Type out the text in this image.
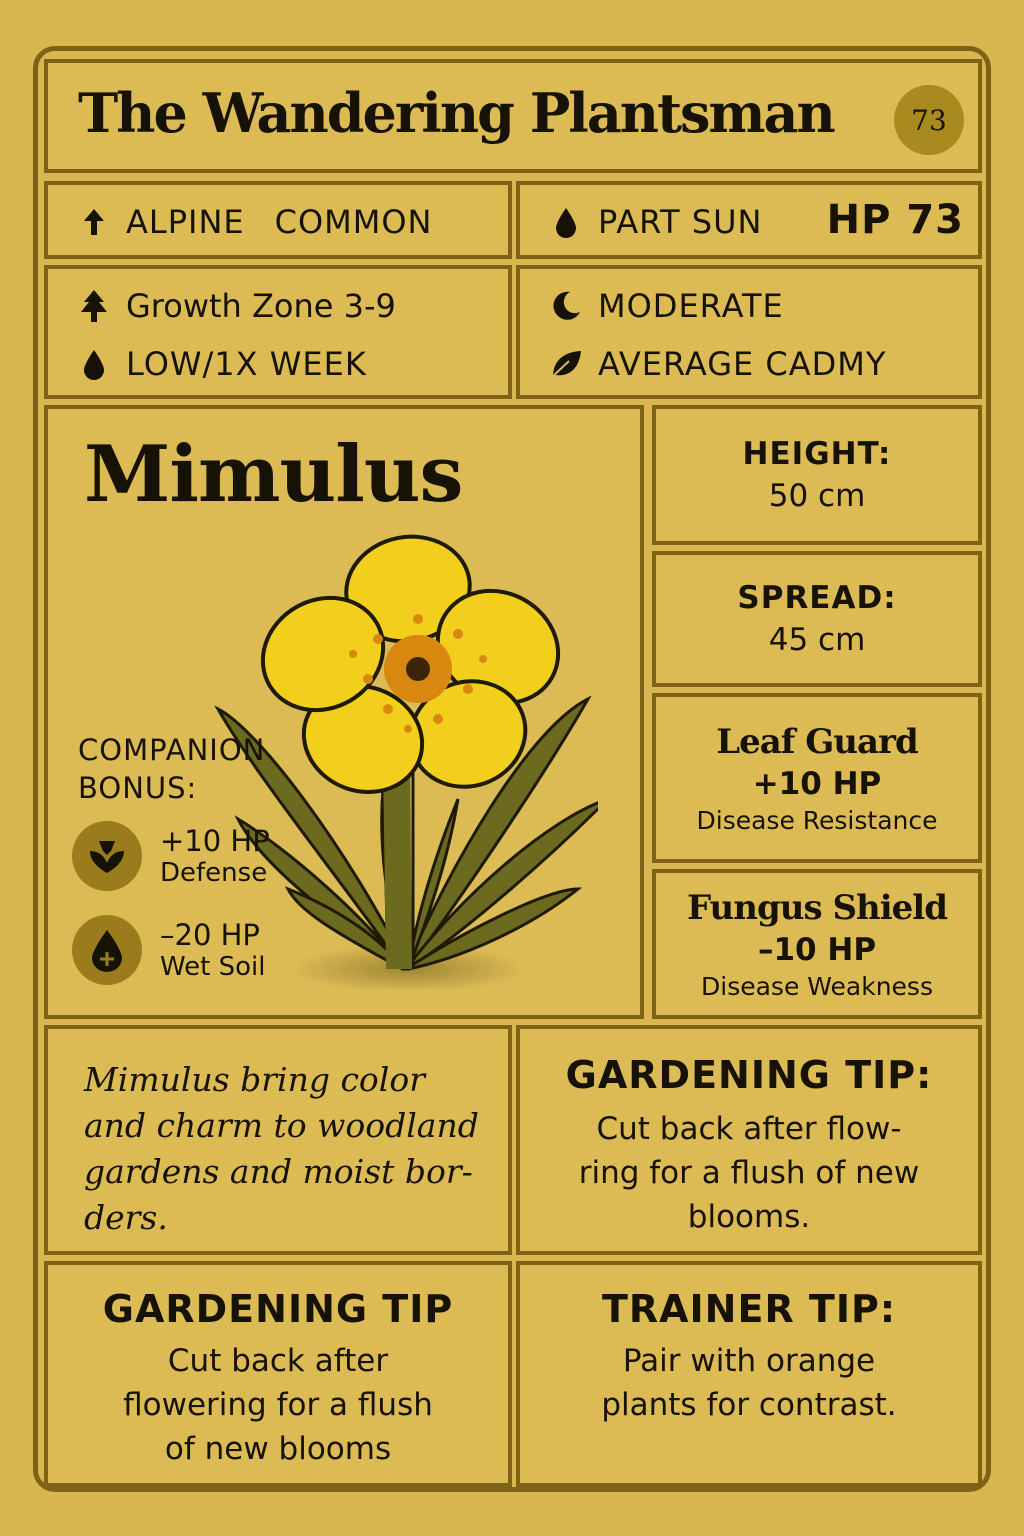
The Wandering Plantsman	73
ALPINE COMMON	PART SUN HP 73
Growth Zone 3-9
LOW/1X WEEK
MODERATE
AVERAGE CADMY
Mimulus
COMPANION
BONUS:
+10 HP
Defense
–20 HP
Wet Soil
HEIGHT:
50 cm
SPREAD:
45 cm
Leaf Guard
+10 HP
Disease Resistance
Fungus Shield
–10 HP
Disease Weakness
Mimulus bring color
and charm to woodland
gardens and moist bor-
ders.
GARDENING TIP:
Cut back after flow-
ring for a flush of new
blooms.
GARDENING TIP
Cut back after
flowering for a flush
of new blooms
TRAINER TIP:
Pair with orange
plants for contrast.
